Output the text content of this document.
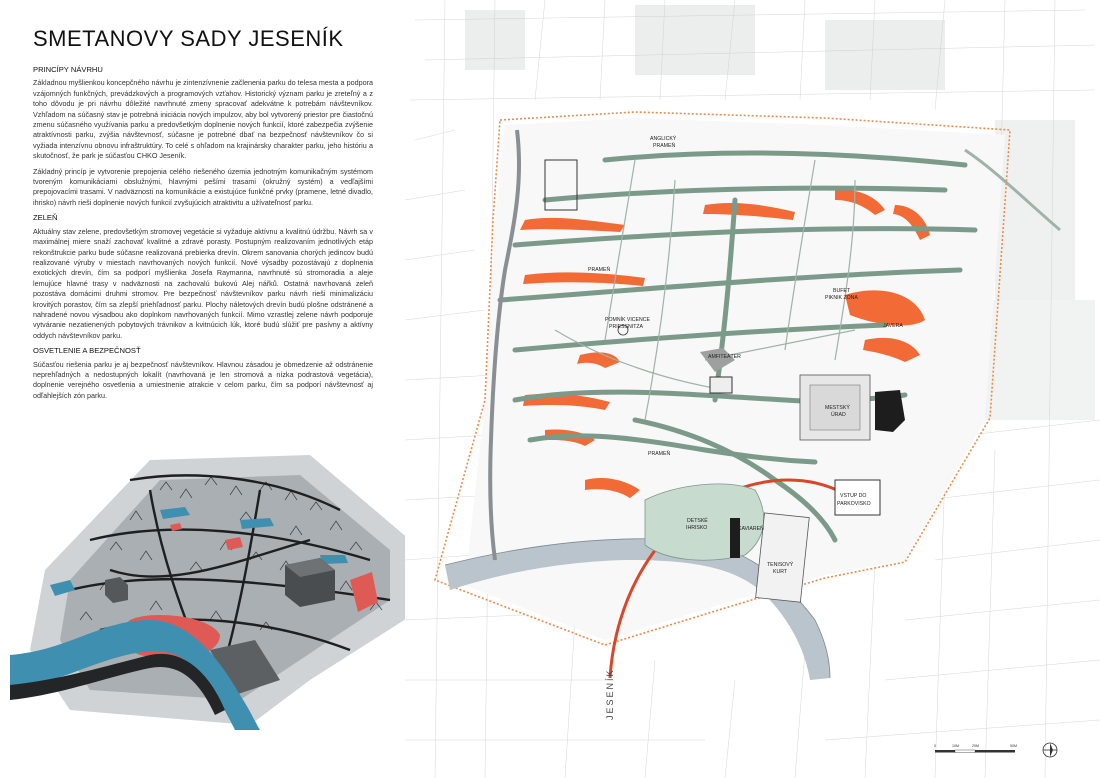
SMETANOVY SADY JESENÍK
PRINCÍPY NÁVRHU

Základnou myšlienkou koncepčného návrhu je zintenzívnenie začlenenia parku do telesa mesta a podpora vzájomných funkčných, prevádzkových a programových vzťahov. Historický význam parku je zreteľný a z toho dôvodu je pri návrhu dôležité navrhnuté zmeny spracovať adekvátne k potrebám návštevníkov. Vzhľadom na súčasný stav je potrebná iniciácia nových impulzov, aby bol vytvorený priestor pre čiastočnú zmenu súčasného využívania parku a predovšetkým doplnenie nových funkcií, ktoré zabezpečia zvýšenie atraktívnosti parku, zvýšia návštevnosť, súčasne je potrebné dbať na bezpečnosť návštevníkov čo si vyžiada intenzívnu obnovu infraštruktúry. To celé s ohľadom na krajinársky charakter parku, jeho históriu a skutočnosť, že park je súčasťou CHKO Jeseník.

Základný princíp je vytvorenie prepojenia celého riešeného územia jednotným komunikačným systémom tvoreným komunikáciami obslužnými, hlavnými pešími trasami (okružný systém) a vedľajšími prepojovacími trasami. V nadväznosti na komunikácie a existujúce funkčné prvky (pramene, letné divadlo, ihrisko) návrh rieši doplnenie nových funkcií zvyšujúcich atraktivitu a užívateľnosť parku.

ZELEŇ

Aktuálny stav zelene, predovšetkým stromovej vegetácie si vyžaduje aktívnu a kvalitnú údržbu. Návrh sa v maximálnej miere snaží zachovať kvalitné a zdravé porasty. Postupným realizovaním jednotlivých etáp rekonštrukcie parku bude súčasne realizovaná prebierka drevín. Okrem sanovania chorých jedincov budú realizované výruby v miestach navrhovaných nových funkcií. Nové výsadby pozostávajú z doplnenia exotických drevín, čím sa podporí myšlienka Josefa Raymanna, navrhnuté sú stromoradia a aleje lemujúce hlavné trasy v nadväznosti na zachovalú bukovú Alej nářků. Ostatná navrhovaná zeleň pozostáva domácimi druhmi stromov. Pre bezpečnosť návštevníkov parku návrh rieši minimalizáciu krovitých porastov, čím sa zlepší priehľadnosť parku. Plochy náletových drevín budú plošne odstránené a nahradené novou výsadbou ako doplnkom navrhovaných funkcií. Mimo vzrastlej zelene návrh podporuje vytváranie nezatienených pobytových trávnikov a kvitnúcich lúk, ktoré budú slúžiť pre pasívny a aktívny oddych návštevníkov parku.

OSVETLENIE A BEZPEČNOSŤ

Súčasťou riešenia parku je aj bezpečnosť návštevníkov. Hlavnou zásadou je obmedzenie až odstránenie neprehľadných a nedostupných lokalít (navrhovaná je len stromová a nízka podrastová vegetácia), doplnenie verejného osvetlenia a umiestnenie atrakcie v celom parku, čím sa podporí návštevnosť aj odľahlejších zón parku.

ANGLICKÝ
PRAMEŇ
PRAMEŇ
PRAMEŇ
BUFET
PIKNIK ZÓNA
JAVERA
POMNÍK VICENCE
PRIESSNITZA
AMFITEÁTER
MESTSKÝ
ÚRAD
VSTUP DO
PARKOVISKO
DETSKÉ
IHRISKO	KAVIAREŇ
TENISOVÝ
KURT
JESENÍK
0	10M	20M	50M
